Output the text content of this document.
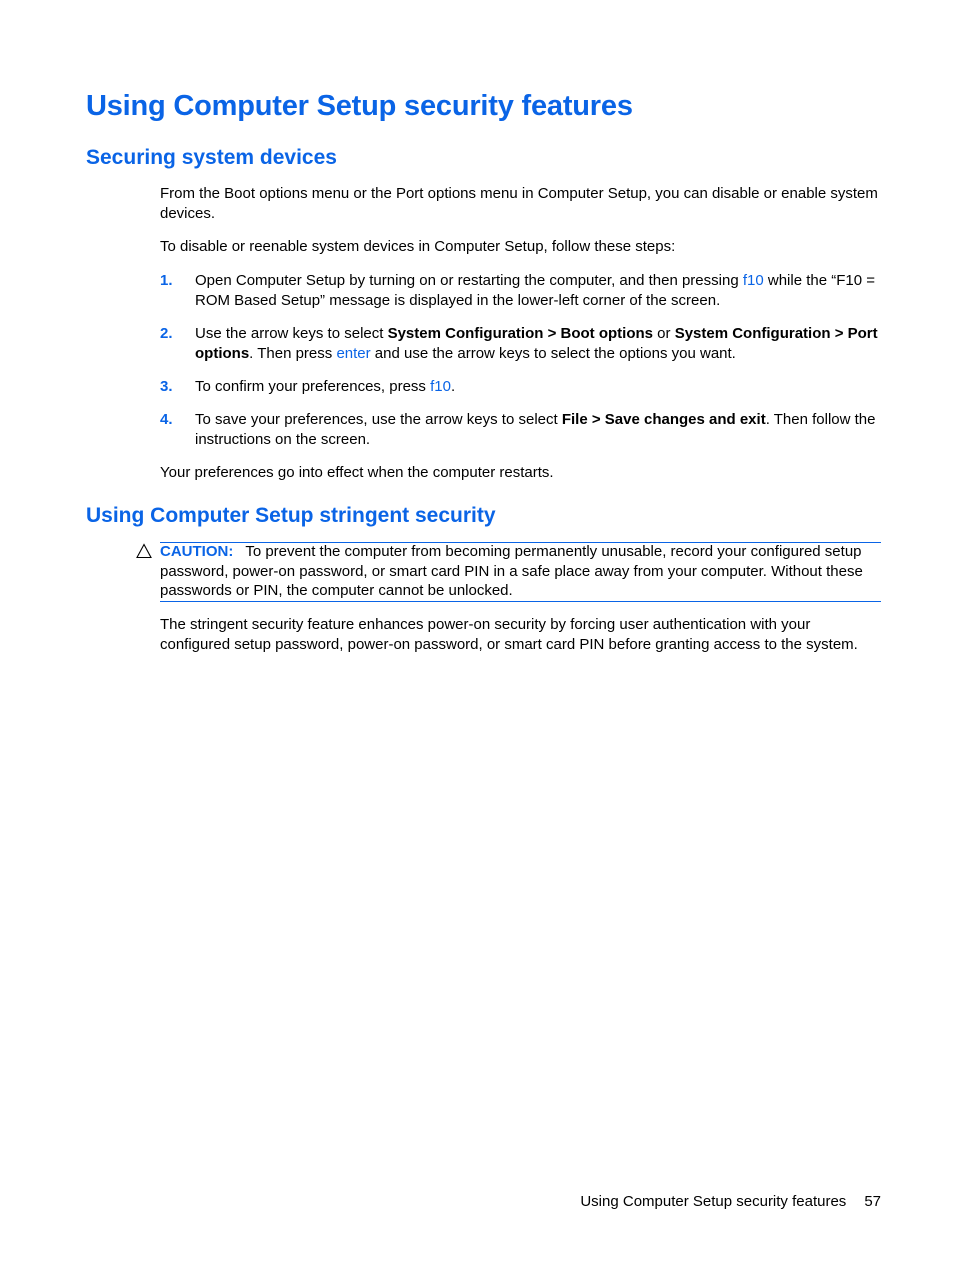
Using Computer Setup security features
Securing system devices

From the Boot options menu or the Port options menu in Computer Setup, you can disable or enable system devices.

To disable or reenable system devices in Computer Setup, follow these steps:

1. Open Computer Setup by turning on or restarting the computer, and then pressing f10 while the “F10 = ROM Based Setup” message is displayed in the lower-left corner of the screen.
2. Use the arrow keys to select System Configuration > Boot options or System Configuration > Port options. Then press enter and use the arrow keys to select the options you want.
3. To confirm your preferences, press f10.
4. To save your preferences, use the arrow keys to select File > Save changes and exit. Then follow the instructions on the screen.

Your preferences go into effect when the computer restarts.

Using Computer Setup stringent security

CAUTION: To prevent the computer from becoming permanently unusable, record your configured setup password, power-on password, or smart card PIN in a safe place away from your computer. Without these passwords or PIN, the computer cannot be unlocked.

The stringent security feature enhances power-on security by forcing user authentication with your configured setup password, power-on password, or smart card PIN before granting access to the system.

Using Computer Setup security features 57
